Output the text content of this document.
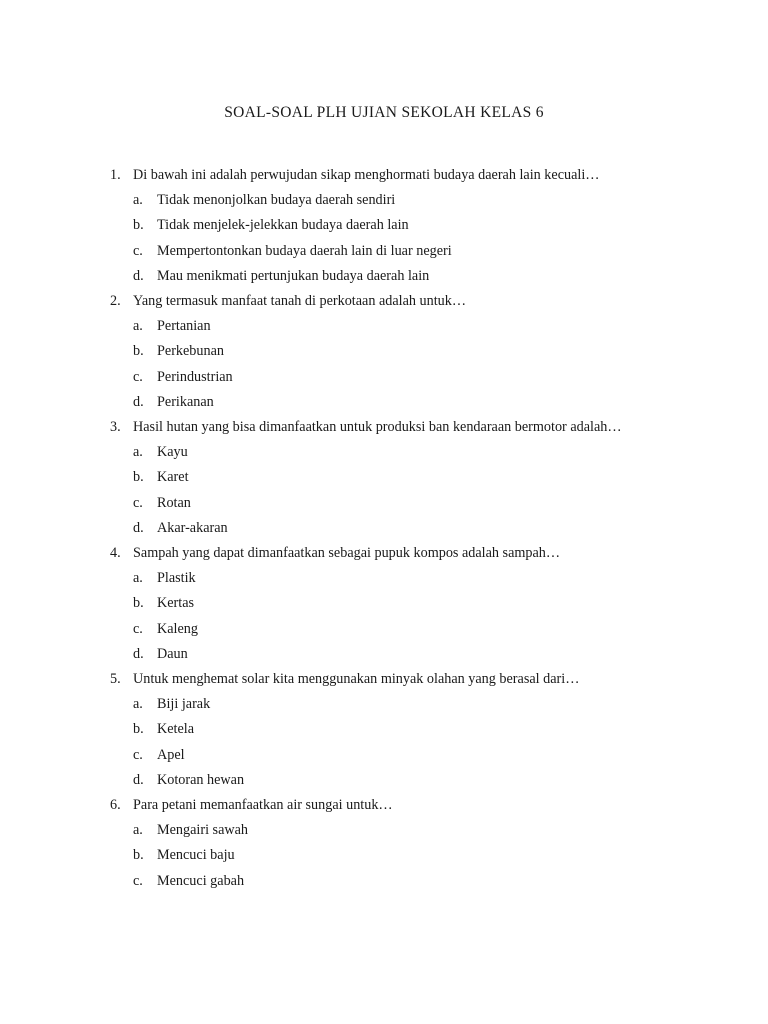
SOAL-SOAL PLH UJIAN SEKOLAH KELAS 6
1. Di bawah ini adalah perwujudan sikap menghormati budaya daerah lain kecuali…
a. Tidak menonjolkan budaya daerah sendiri
b. Tidak menjelek-jelekkan budaya daerah lain
c. Mempertontonkan budaya daerah lain di luar negeri
d. Mau menikmati pertunjukan budaya daerah lain
2. Yang termasuk manfaat tanah di perkotaan adalah untuk…
a. Pertanian
b. Perkebunan
c. Perindustrian
d. Perikanan
3. Hasil hutan yang bisa dimanfaatkan untuk produksi ban kendaraan bermotor adalah…
a. Kayu
b. Karet
c. Rotan
d. Akar-akaran
4. Sampah yang dapat dimanfaatkan sebagai pupuk kompos adalah sampah…
a. Plastik
b. Kertas
c. Kaleng
d. Daun
5. Untuk menghemat solar kita menggunakan minyak olahan yang berasal dari…
a. Biji jarak
b. Ketela
c. Apel
d. Kotoran hewan
6. Para petani memanfaatkan air sungai untuk…
a. Mengairi sawah
b. Mencuci baju
c. Mencuci gabah
